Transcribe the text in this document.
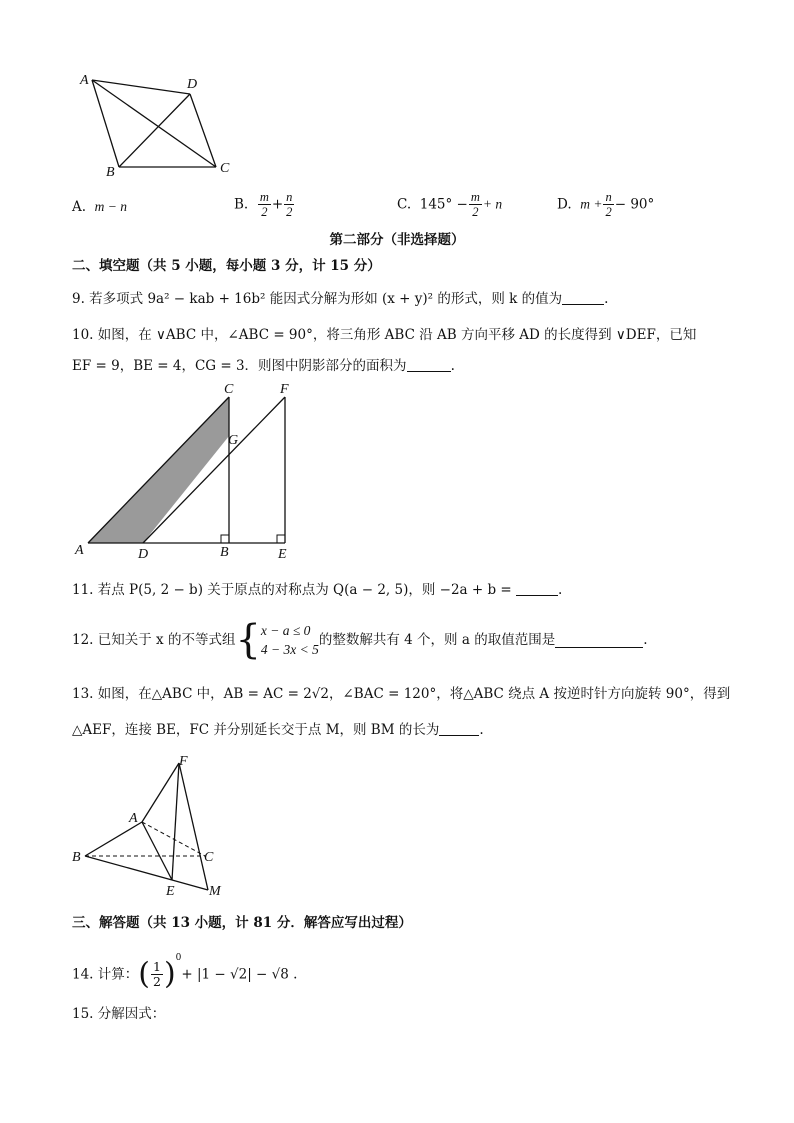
A	D
B	C
A. m − n	B. $\frac{m}{2} + \frac{n}{2}$	C. $145^\circ - \frac{m}{2} + n$	D. $m + \frac{n}{2} - 90^\circ$
第二部分（非选择题）
二、填空题（共 5 小题，每小题 3 分，计 15 分）
9. 若多项式 9a² − kab + 16b² 能因式分解为形如 (x + y)² 的形式，则 k 的值为	.
10. 如图，在 ∨ABC 中，∠ABC = 90°，将三角形 ABC 沿 AB 方向平移 AD 的长度得到 ∨DEF，已知
EF = 9，BE = 4，CG = 3．则图中阴影部分的面积为	.
C	F
G
A	D	B	E
11. 若点 P(5, 2 − b) 关于原点的对称点为 Q(a − 2, 5)，则 −2a + b =	.
12. 已知关于 x 的不等式组{ x − a ≤ 0
4 − 3x < 5
的整数解共有 4 个，则 a 的取值范围是	.
13. 如图，在△ABC 中，AB = AC = 2√2，∠BAC = 120°，将△ABC 绕点 A 按逆时针方向旋转 90°，得到
△AEF，连接 BE，FC 并分别延长交于点 M，则 BM 的长为	.
F
A
B	C
E M
三、解答题（共 13 小题，计 81 分．解答应写出过程）
14. 计算：( $\frac{1}{2} )^0+ |1 - √2| - √8$ .
15. 分解因式：
